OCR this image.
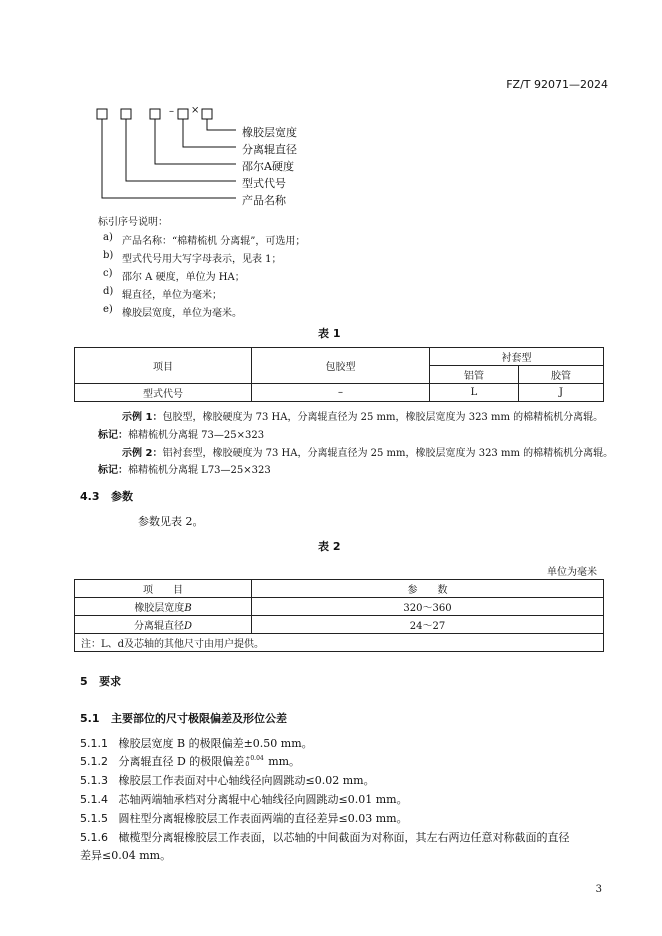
FZ/T 92071—2024
– ×
橡胶层宽度
分离辊直径
邵尔A硬度
型式代号
产品名称
标引序号说明：
a) 产品名称：“棉精梳机 分离辊”，可选用；
b) 型式代号用大写字母表示，见表 1；
c) 邵尔 A 硬度，单位为 HA；
d) 辊直径，单位为毫米；
e) 橡胶层宽度，单位为毫米。
表 1
项目	包胶型	衬套型	
		铝管	胶管
型式代号	–	L	J
示例 1：包胶型，橡胶硬度为 73 HA，分离辊直径为 25 mm，橡胶层宽度为 323 mm 的棉精梳机分离辊。
标记：棉精梳机分离辊 73—25×323
示例 2：铝衬套型，橡胶硬度为 73 HA，分离辊直径为 25 mm，橡胶层宽度为 323 mm 的棉精梳机分离辊。
标记：棉精梳机分离辊 L73—25×323
4.3 参数
参数见表 2。
表 2
单位为毫米
项　　目	参　　数
橡胶层宽度B	320～360
分离辊直径D	24～27
注：L、d及芯轴的其他尺寸由用户提供。	
5 要求
5.1 主要部位的尺寸极限偏差及形位公差
5.1.1 橡胶层宽度 B 的极限偏差±0.50 mm。
5.1.2 分离辊直径 D 的极限偏差 +0.04
0	mm。
5.1.3 橡胶层工作表面对中心轴线径向圆跳动≤0.02 mm。
5.1.4 芯轴两端轴承档对分离辊中心轴线径向圆跳动≤0.01 mm。
5.1.5 圆柱型分离辊橡胶层工作表面两端的直径差异≤0.03 mm。
5.1.6 橄榄型分离辊橡胶层工作表面，以芯轴的中间截面为对称面，其左右两边任意对称截面的直径
差异≤0.04 mm。
3
